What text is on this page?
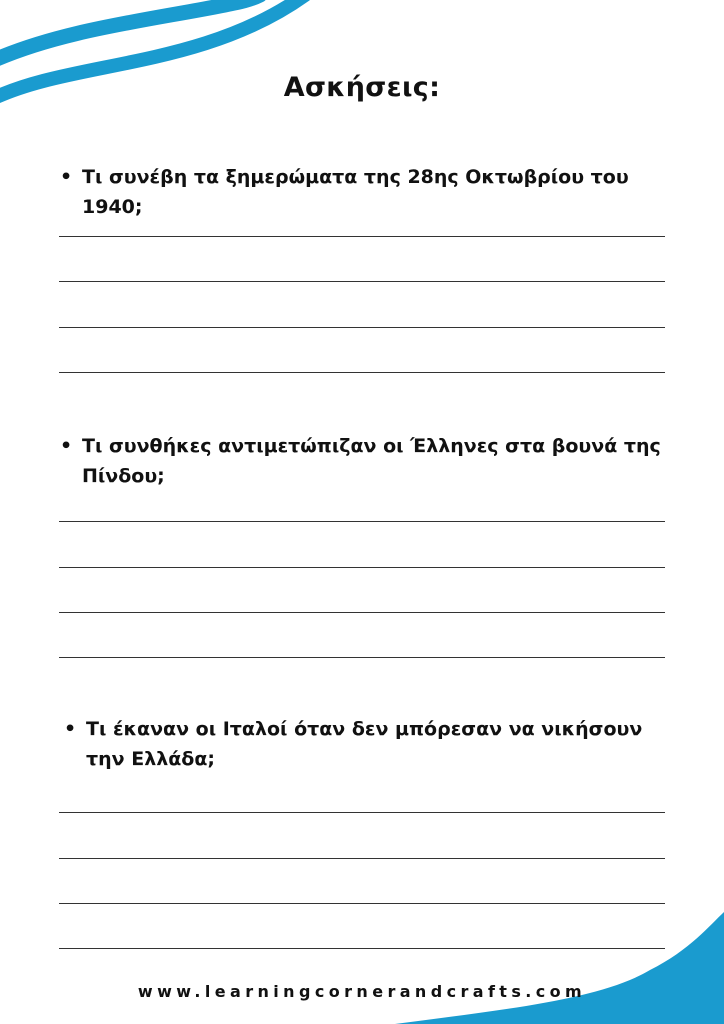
Ασκήσεις:
• Τι συνέβη τα ξημερώματα της 28ης Οκτωβρίου του 1940;
• Τι συνθήκες αντιμετώπιζαν οι Έλληνες στα βουνά της Πίνδου;
• Τι έκαναν οι Ιταλοί όταν δεν μπόρεσαν να νικήσουν την Ελλάδα;
www.learningcornerandcrafts.com
